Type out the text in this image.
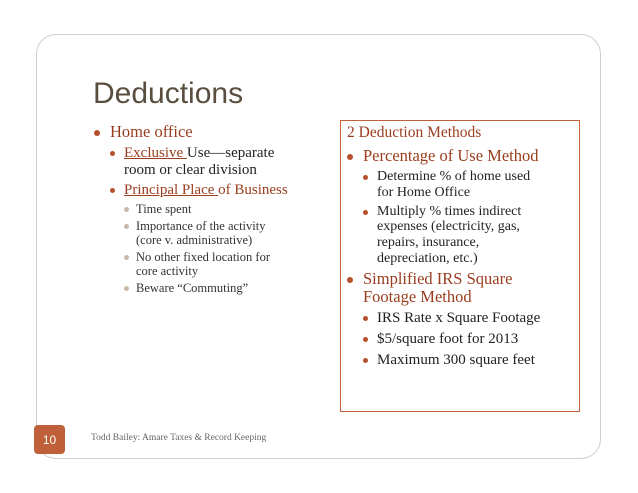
Deductions
Home office
Exclusive Use—separate
room or clear division
Principal Place of Business
Time spent
Importance of the activity
(core v. administrative)
No other fixed location for
core activity
Beware “Commuting”
2 Deduction Methods
Percentage of Use Method
Determine % of home used
for Home Office
Multiply % times indirect
expenses (electricity, gas,
repairs, insurance,
depreciation, etc.)
Simplified IRS Square
Footage Method
IRS Rate x Square Footage
$5/square foot for 2013
Maximum 300 square feet
10	Todd Bailey: Amare Taxes & Record Keeping
